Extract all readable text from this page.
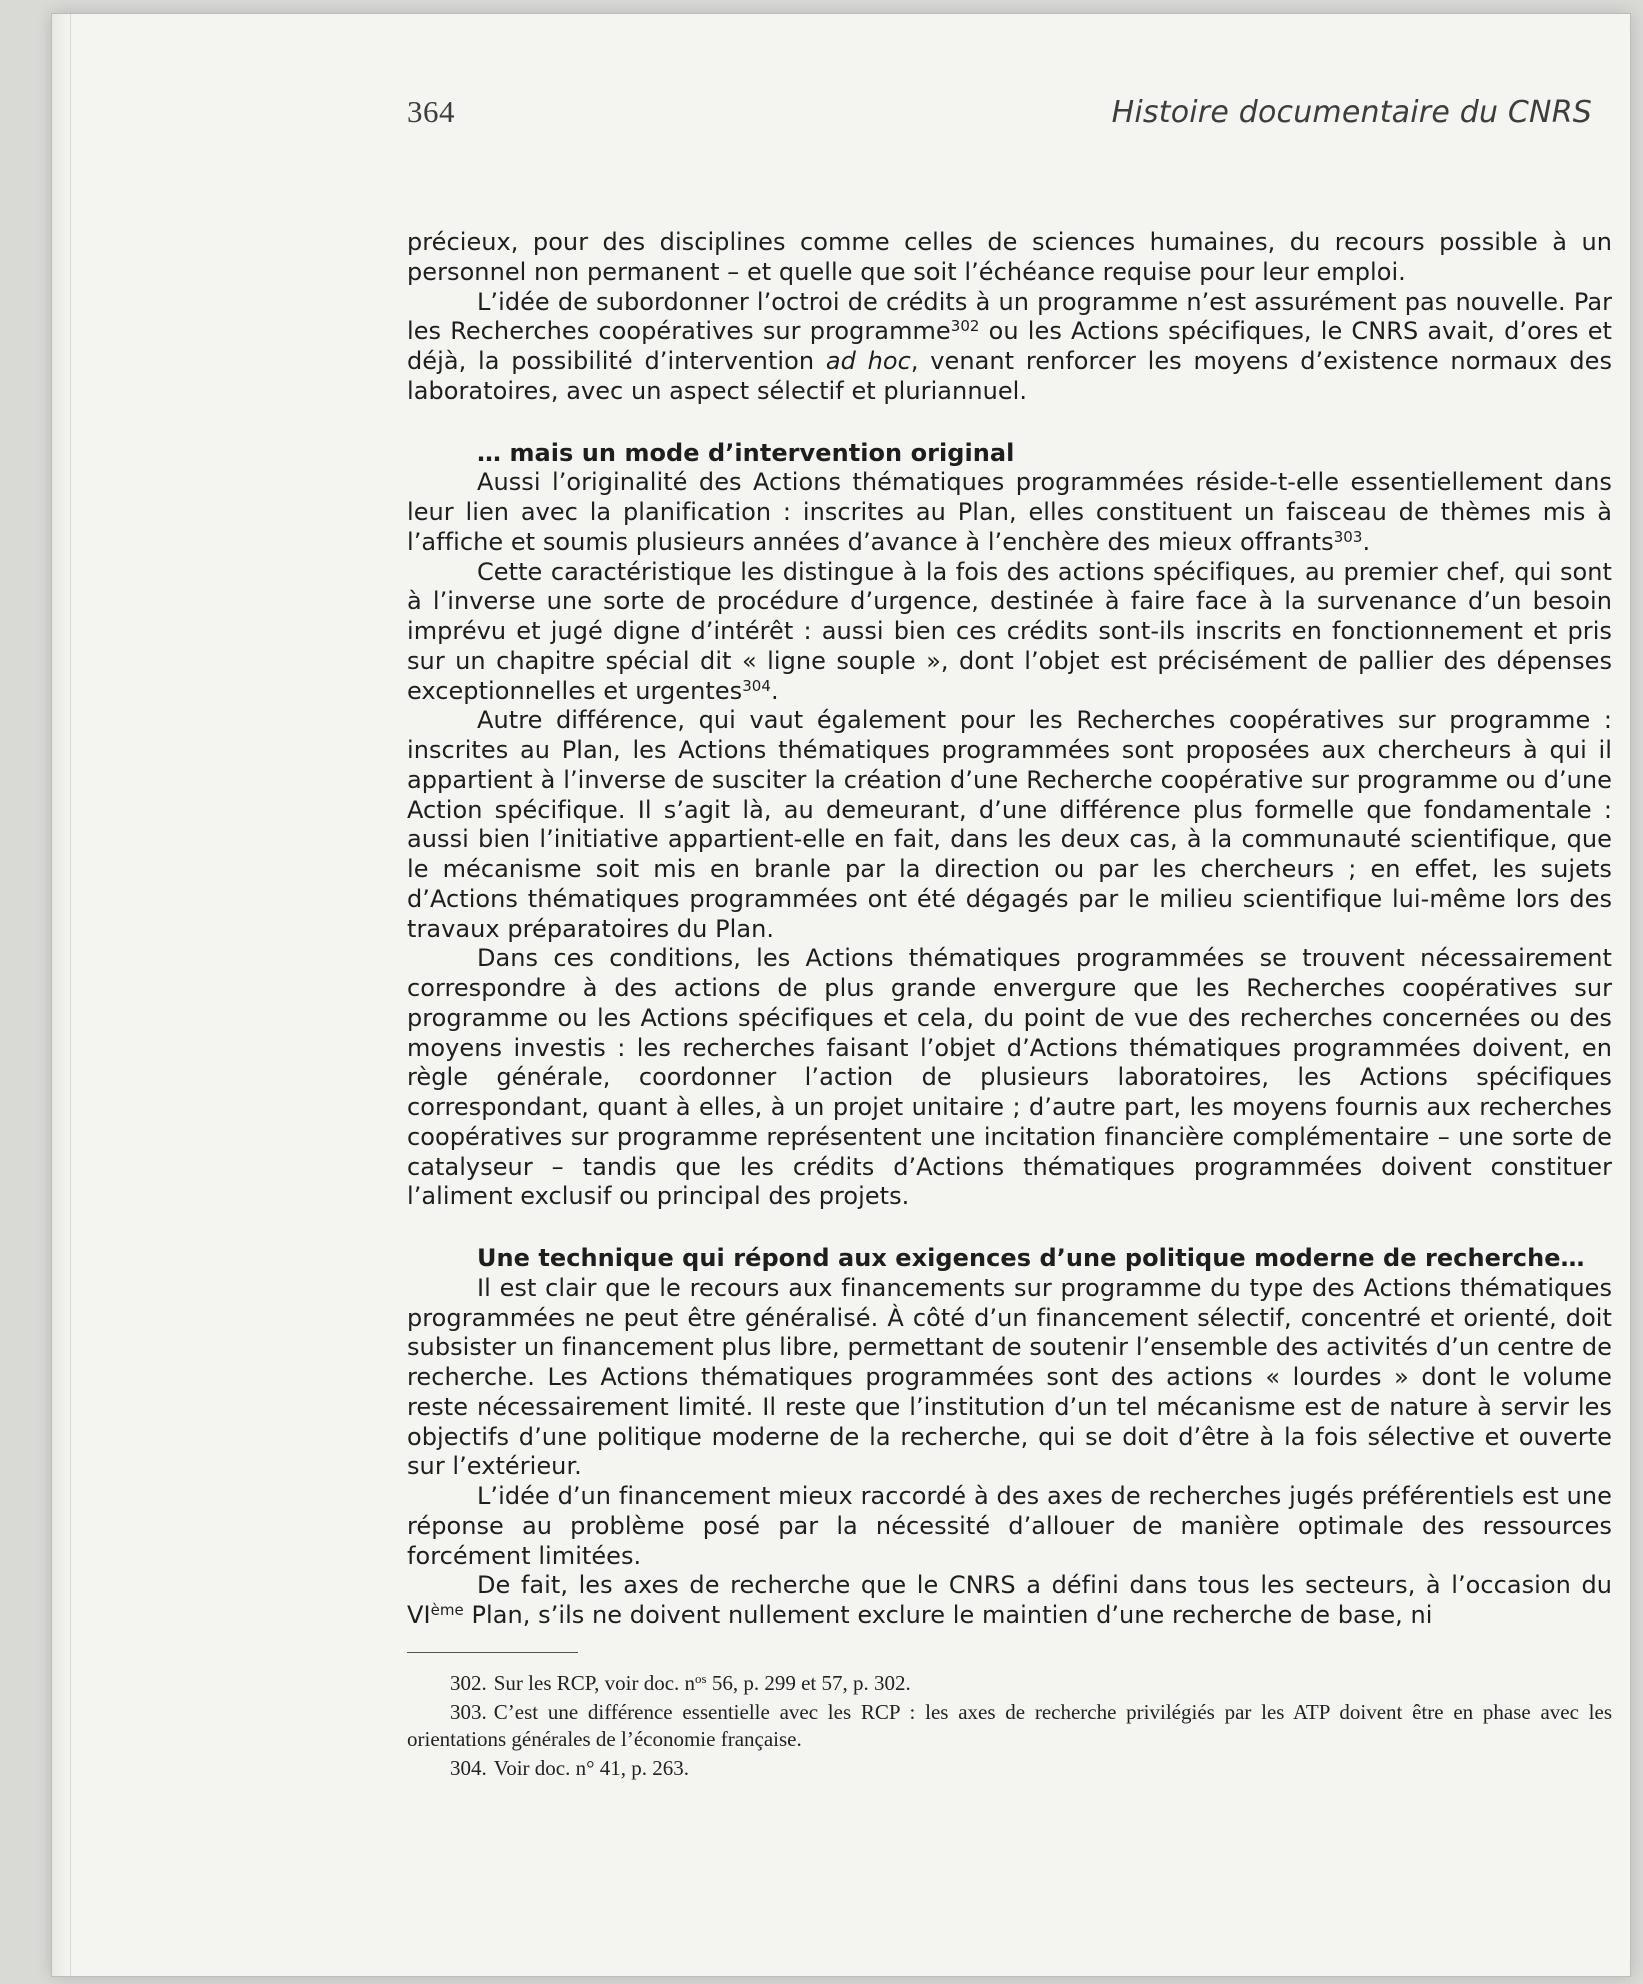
364	Histoire documentaire du CNRS

précieux, pour des disciplines comme celles de sciences humaines, du recours possible à un personnel non permanent – et quelle que soit l’échéance requise pour leur emploi.

L’idée de subordonner l’octroi de crédits à un programme n’est assurément pas nouvelle. Par les Recherches coopératives sur programme$^{302}$ ou les Actions spécifiques, le CNRS avait, d’ores et déjà, la possibilité d’intervention ad hoc, venant renforcer les moyens d’existence normaux des laboratoires, avec un aspect sélectif et pluriannuel.

… mais un mode d’intervention original

Aussi l’originalité des Actions thématiques programmées réside-t-elle essentiellement dans leur lien avec la planification : inscrites au Plan, elles constituent un faisceau de thèmes mis à l’affiche et soumis plusieurs années d’avance à l’enchère des mieux offrants$^{303}$.

Cette caractéristique les distingue à la fois des actions spécifiques, au premier chef, qui sont à l’inverse une sorte de procédure d’urgence, destinée à faire face à la survenance d’un besoin imprévu et jugé digne d’intérêt : aussi bien ces crédits sont-ils inscrits en fonctionnement et pris sur un chapitre spécial dit « ligne souple », dont l’objet est précisément de pallier des dépenses exceptionnelles et urgentes$^{304}$.

Autre différence, qui vaut également pour les Recherches coopératives sur programme : inscrites au Plan, les Actions thématiques programmées sont proposées aux chercheurs à qui il appartient à l’inverse de susciter la création d’une Recherche coopérative sur programme ou d’une Action spécifique. Il s’agit là, au demeurant, d’une différence plus formelle que fondamentale : aussi bien l’initiative appartient-elle en fait, dans les deux cas, à la communauté scientifique, que le mécanisme soit mis en branle par la direction ou par les chercheurs ; en effet, les sujets d’Actions thématiques programmées ont été dégagés par le milieu scientifique lui-même lors des travaux préparatoires du Plan.

Dans ces conditions, les Actions thématiques programmées se trouvent nécessairement correspondre à des actions de plus grande envergure que les Recherches coopératives sur programme ou les Actions spécifiques et cela, du point de vue des recherches concernées ou des moyens investis : les recherches faisant l’objet d’Actions thématiques programmées doivent, en règle générale, coordonner l’action de plusieurs laboratoires, les Actions spécifiques correspondant, quant à elles, à un projet unitaire ; d’autre part, les moyens fournis aux recherches coopératives sur programme représentent une incitation financière complémentaire – une sorte de catalyseur – tandis que les crédits d’Actions thématiques programmées doivent constituer l’aliment exclusif ou principal des projets.

Une technique qui répond aux exigences d’une politique moderne de recherche…

Il est clair que le recours aux financements sur programme du type des Actions thématiques programmées ne peut être généralisé. À côté d’un financement sélectif, concentré et orienté, doit subsister un financement plus libre, permettant de soutenir l’ensemble des activités d’un centre de recherche. Les Actions thématiques programmées sont des actions « lourdes » dont le volume reste nécessairement limité. Il reste que l’institution d’un tel mécanisme est de nature à servir les objectifs d’une politique moderne de la recherche, qui se doit d’être à la fois sélective et ouverte sur l’extérieur.

L’idée d’un financement mieux raccordé à des axes de recherches jugés préférentiels est une réponse au problème posé par la nécessité d’allouer de manière optimale des ressources forcément limitées.

De fait, les axes de recherche que le CNRS a défini dans tous les secteurs, à l’occasion du VIème Plan, s’ils ne doivent nullement exclure le maintien d’une recherche de base, ni

302. Sur les RCP, voir doc. $n^{os}$ 56, p. 299 et 57, p. 302.

303. C’est une différence essentielle avec les RCP : les axes de recherche privilégiés par les ATP doivent être en phase avec les orientations générales de l’économie française.

304. Voir doc. n° 41, p. 263.
